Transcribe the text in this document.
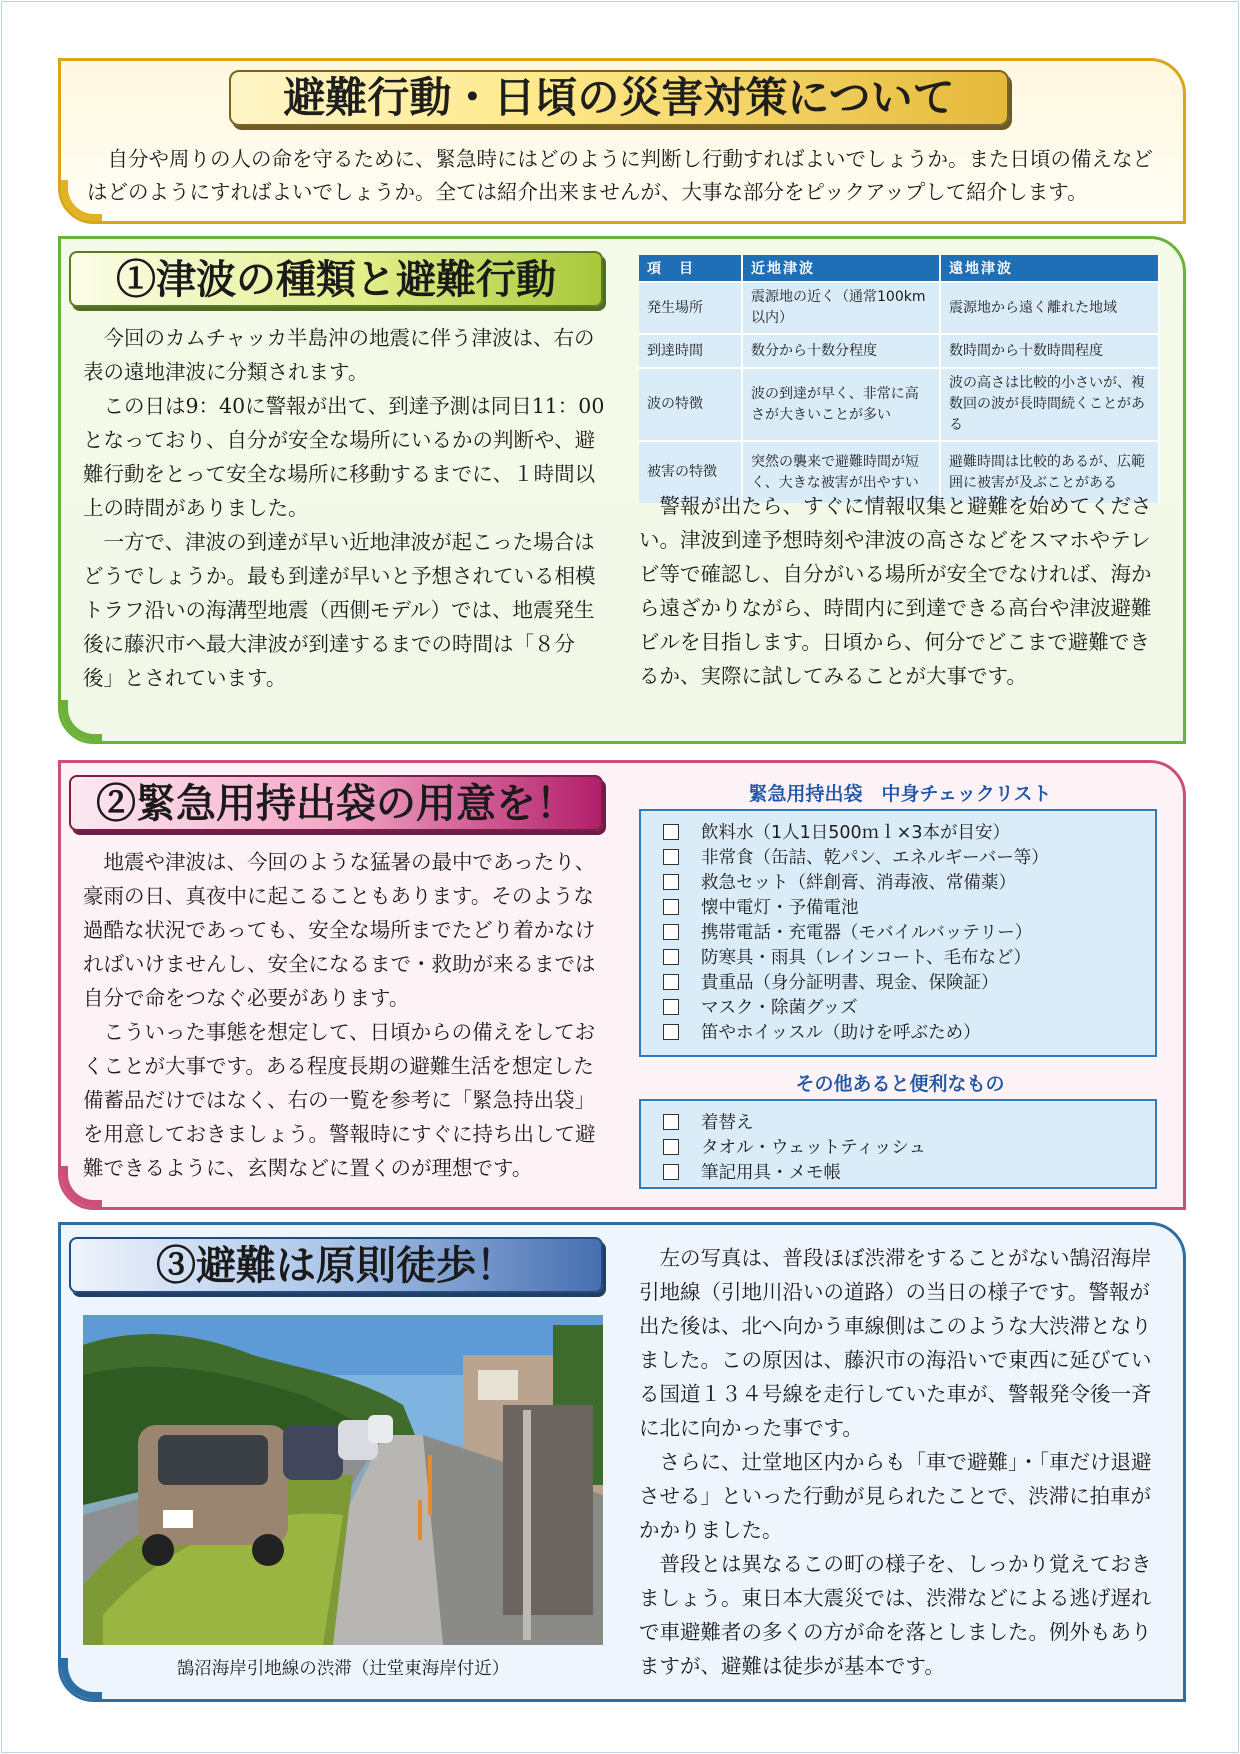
避難行動・日頃の災害対策について
自分や周りの人の命を守るために、緊急時にはどのように判断し行動すればよいでしょうか。また日頃の備えなどはどのようにすればよいでしょうか。全ては紹介出来ませんが、大事な部分をピックアップして紹介します。
①津波の種類と避難行動

今回のカムチャッカ半島沖の地震に伴う津波は、右の表の遠地津波に分類されます。

この日は9：40に警報が出て、到達予測は同日11：00となっており、自分が安全な場所にいるかの判断や、避難行動をとって安全な場所に移動するまでに、１時間以上の時間がありました。

一方で、津波の到達が早い近地津波が起こった場合はどうでしょうか。最も到達が早いと予想されている相模トラフ沿いの海溝型地震（西側モデル）では、地震発生後に藤沢市へ最大津波が到達するまでの時間は「８分後」とされています。

項　目	近地津波	遠地津波
発生場所	震源地の近く（通常100km以内）	震源地から遠く離れた地域
到達時間	数分から十数分程度	数時間から十数時間程度
波の特徴	波の到達が早く、非常に高さが大きいことが多い	波の高さは比較的小さいが、複数回の波が長時間続くことがある
被害の特徴	突然の襲来で避難時間が短く、大きな被害が出やすい	避難時間は比較的あるが、広範囲に被害が及ぶことがある

警報が出たら、すぐに情報収集と避難を始めてください。津波到達予想時刻や津波の高さなどをスマホやテレビ等で確認し、自分がいる場所が安全でなければ、海から遠ざかりながら、時間内に到達できる高台や津波避難ビルを目指します。日頃から、何分でどこまで避難できるか、実際に試してみることが大事です。

②緊急用持出袋の用意を！

地震や津波は、今回のような猛暑の最中であったり、豪雨の日、真夜中に起こることもあります。そのような過酷な状況であっても、安全な場所までたどり着かなければいけませんし、安全になるまで・救助が来るまでは自分で命をつなぐ必要があります。

こういった事態を想定して、日頃からの備えをしておくことが大事です。ある程度長期の避難生活を想定した備蓄品だけではなく、右の一覧を参考に「緊急持出袋」を用意しておきましょう。警報時にすぐに持ち出して避難できるように、玄関などに置くのが理想です。

緊急用持出袋　中身チェックリスト
飲料水（1人1日500ｍｌ×3本が目安）
非常食（缶詰、乾パン、エネルギーバー等）
救急セット（絆創膏、消毒液、常備薬）
懐中電灯・予備電池
携帯電話・充電器（モバイルバッテリー）
防寒具・雨具（レインコート、毛布など）
貴重品（身分証明書、現金、保険証）
マスク・除菌グッズ
笛やホイッスル（助けを呼ぶため）
その他あると便利なもの
着替え
タオル・ウェットティッシュ
筆記用具・メモ帳
③避難は原則徒歩！
鵠沼海岸引地線の渋滞（辻堂東海岸付近）

左の写真は、普段ほぼ渋滞をすることがない鵠沼海岸引地線（引地川沿いの道路）の当日の様子です。警報が出た後は、北へ向かう車線側はこのような大渋滞となりました。この原因は、藤沢市の海沿いで東西に延びている国道１３４号線を走行していた車が、警報発令後一斉に北に向かった事です。

さらに、辻堂地区内からも「車で避難」・「車だけ退避させる」といった行動が見られたことで、渋滞に拍車がかかりました。

普段とは異なるこの町の様子を、しっかり覚えておきましょう。東日本大震災では、渋滞などによる逃げ遅れで車避難者の多くの方が命を落としました。例外もありますが、避難は徒歩が基本です。
